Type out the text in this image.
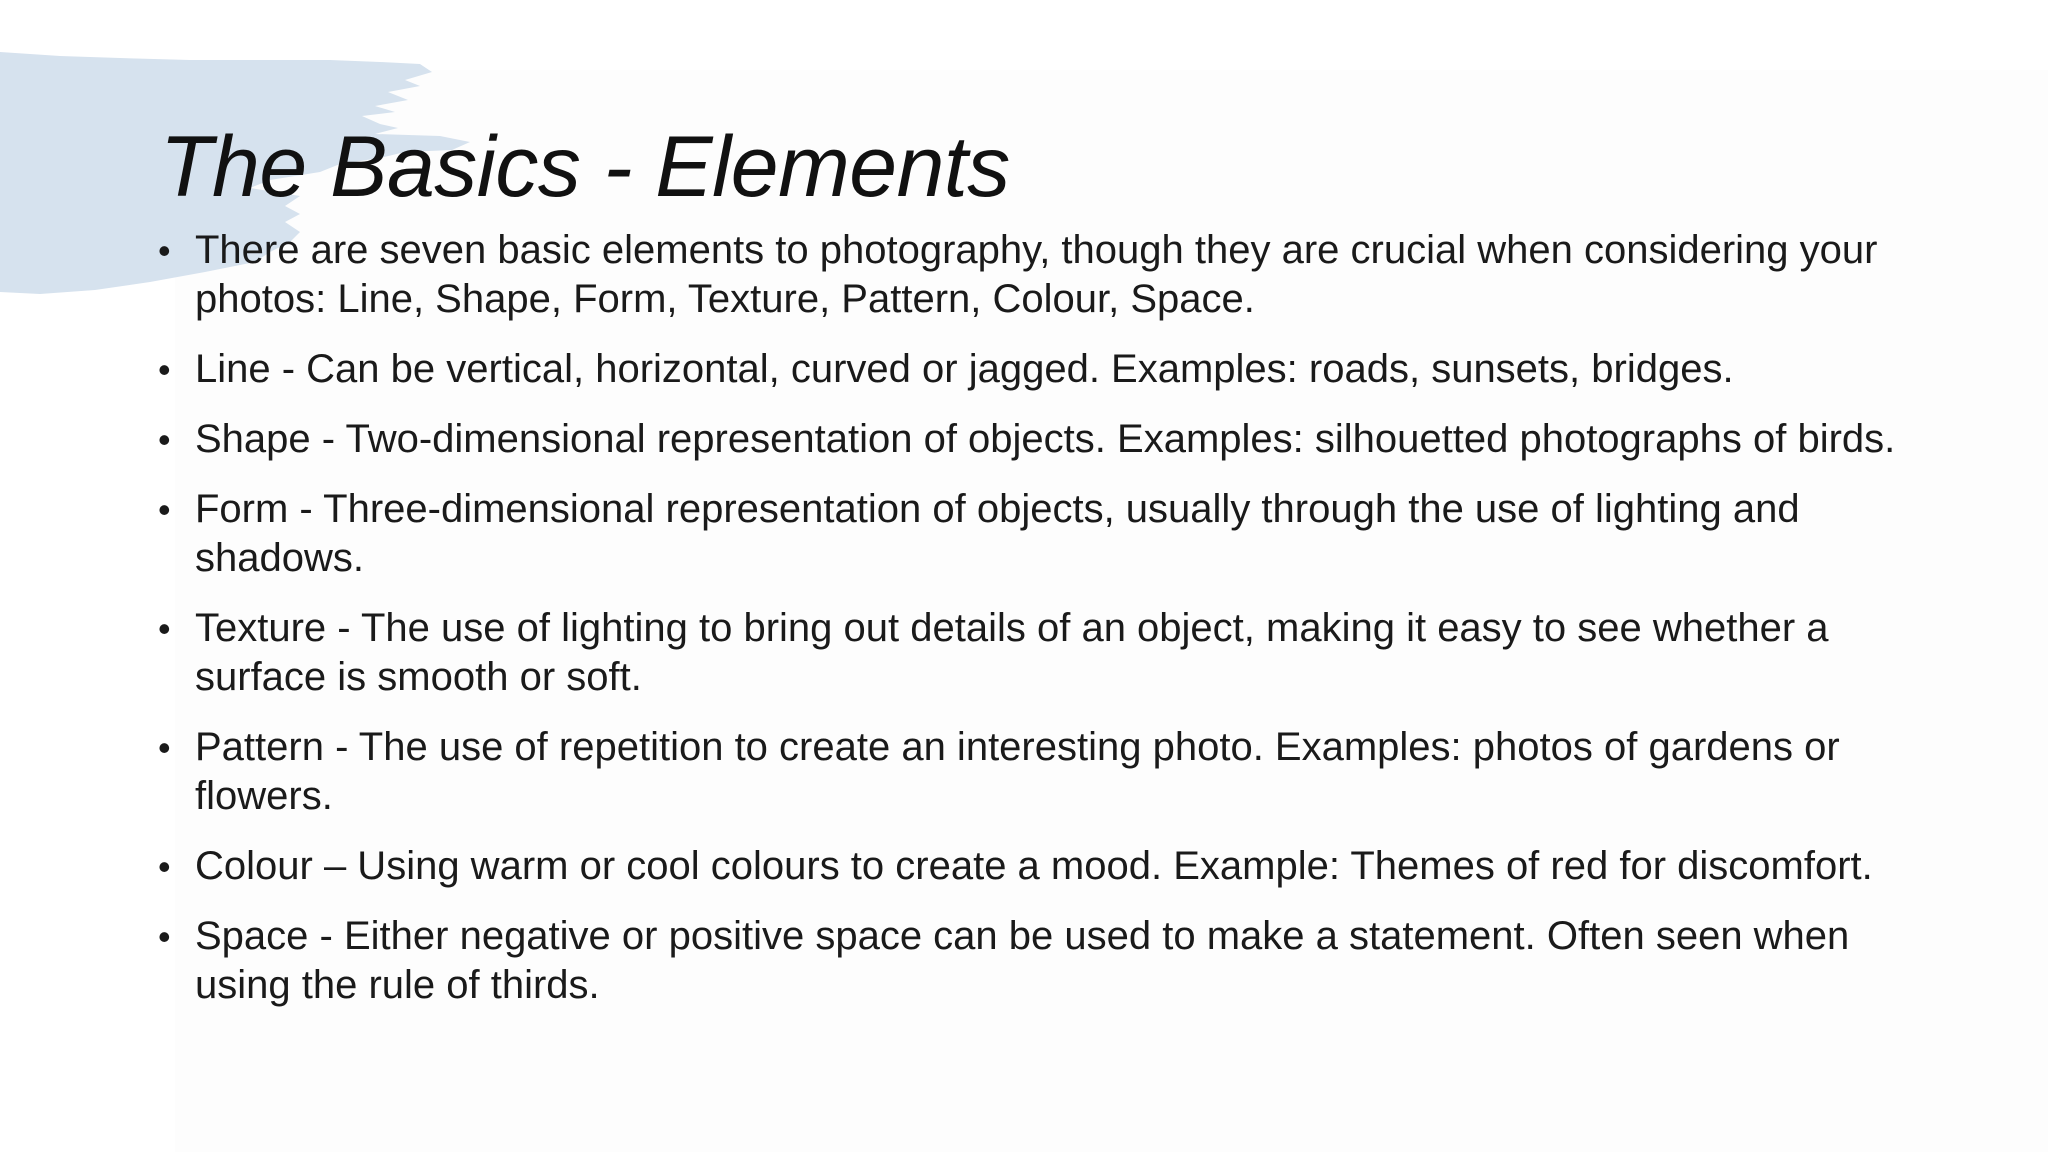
The Basics - Elements
• There are seven basic elements to photography, though they are crucial when considering your photos: Line, Shape, Form, Texture, Pattern, Colour, Space.
• Line - Can be vertical, horizontal, curved or jagged. Examples: roads, sunsets, bridges.
• Shape - Two-dimensional representation of objects. Examples: silhouetted photographs of birds.
• Form - Three-dimensional representation of objects, usually through the use of lighting and shadows.
• Texture - The use of lighting to bring out details of an object, making it easy to see whether a surface is smooth or soft.
• Pattern - The use of repetition to create an interesting photo. Examples: photos of gardens or flowers.
• Colour – Using warm or cool colours to create a mood. Example: Themes of red for discomfort.
• Space - Either negative or positive space can be used to make a statement. Often seen when using the rule of thirds.
